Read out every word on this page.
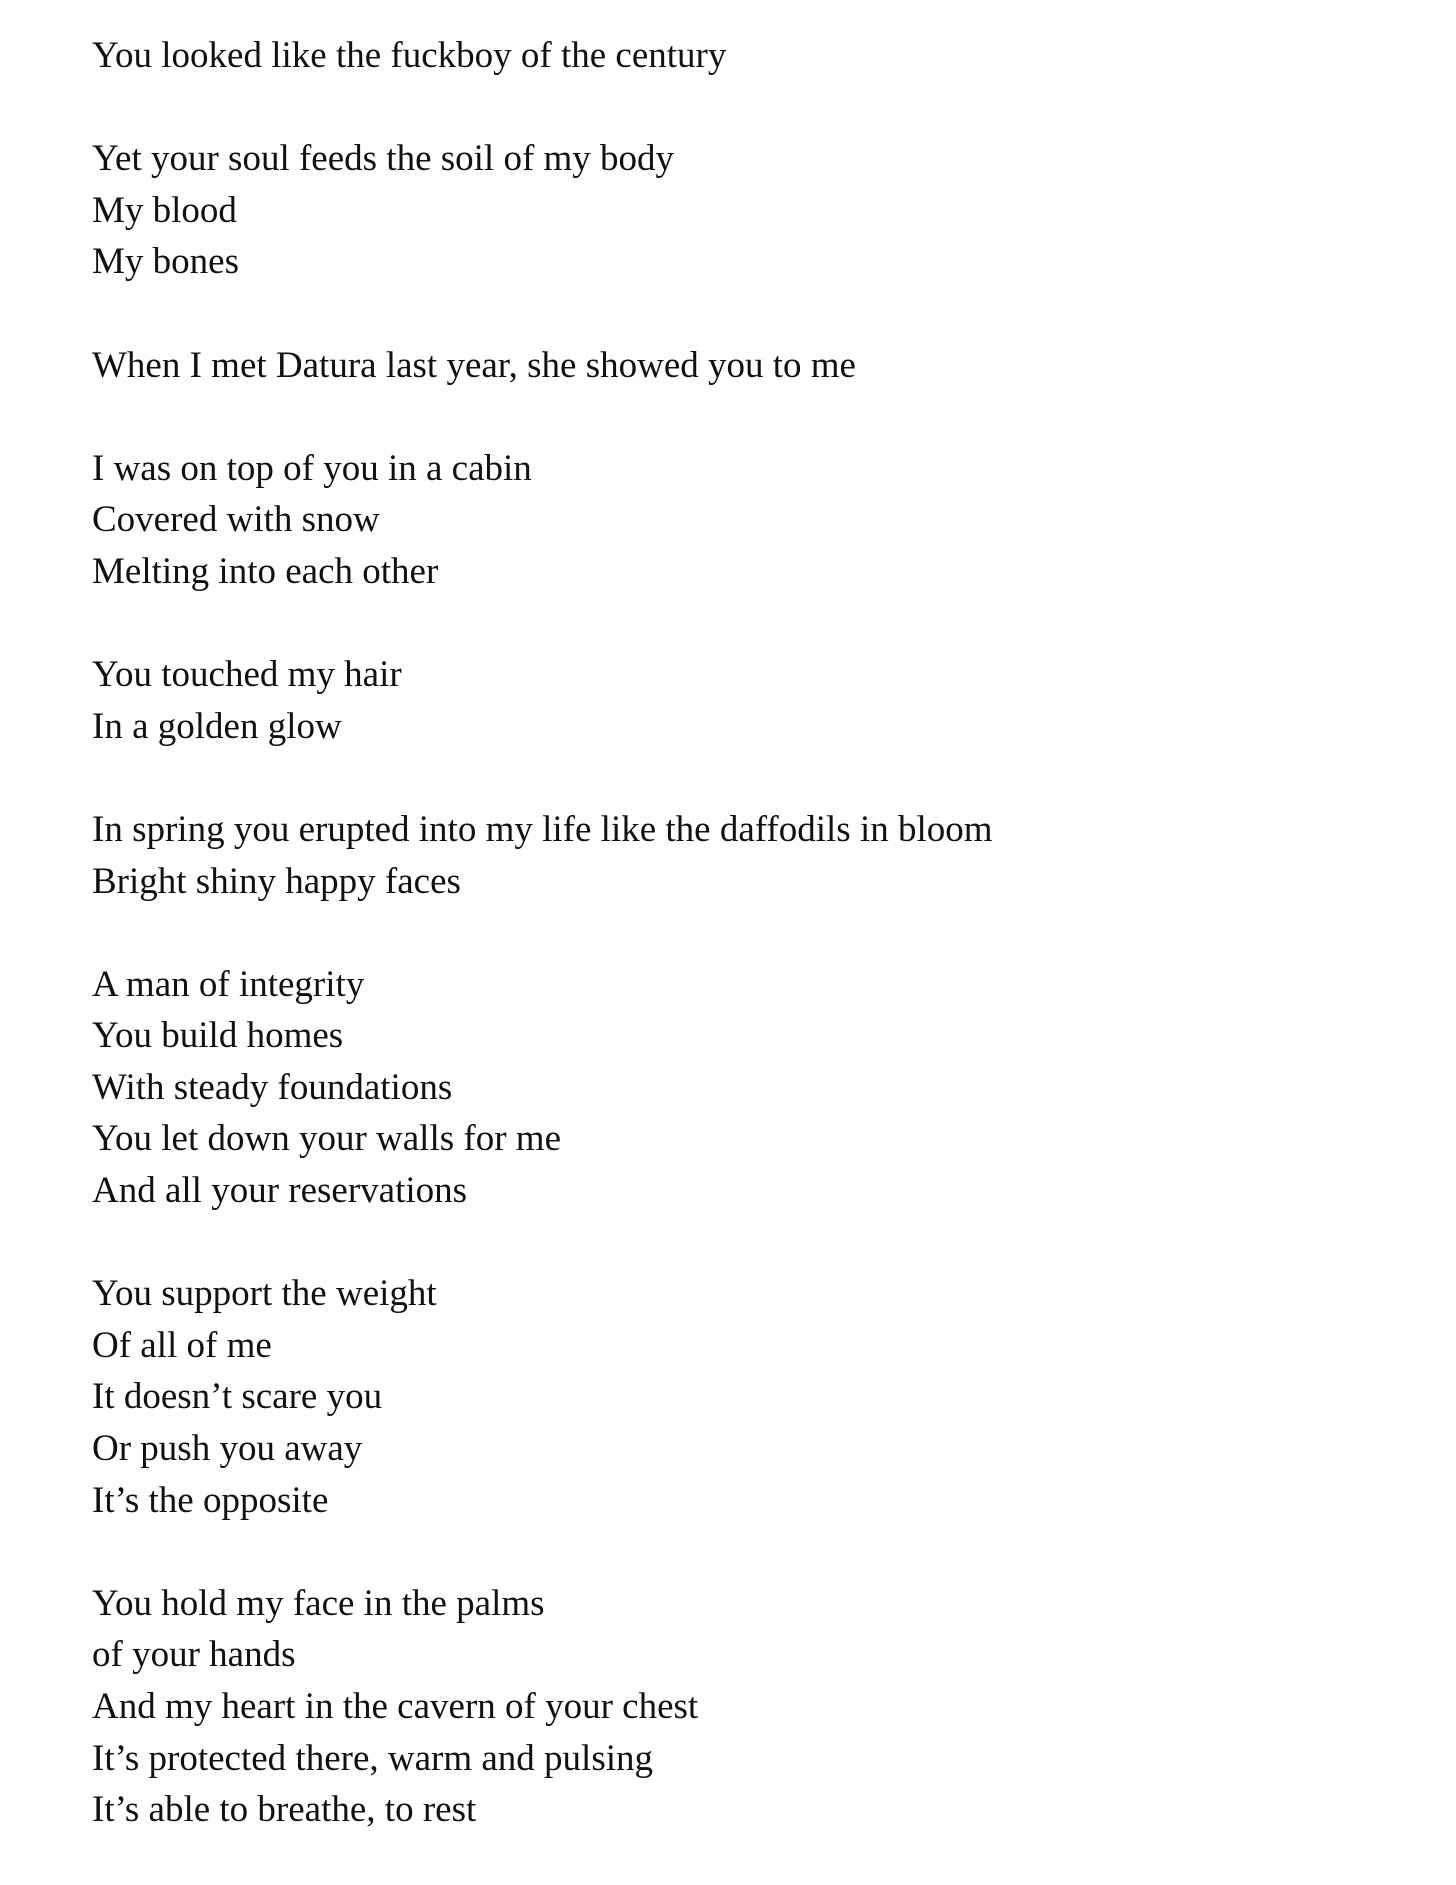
You looked like the fuckboy of the century
Yet your soul feeds the soil of my body
My blood
My bones
When I met Datura last year, she showed you to me
I was on top of you in a cabin
Covered with snow
Melting into each other
You touched my hair
In a golden glow
In spring you erupted into my life like the daffodils in bloom
Bright shiny happy faces
A man of integrity
You build homes
With steady foundations
You let down your walls for me
And all your reservations
You support the weight
Of all of me
It doesn’t scare you
Or push you away
It’s the opposite
You hold my face in the palms
of your hands
And my heart in the cavern of your chest
It’s protected there, warm and pulsing
It’s able to breathe, to rest
